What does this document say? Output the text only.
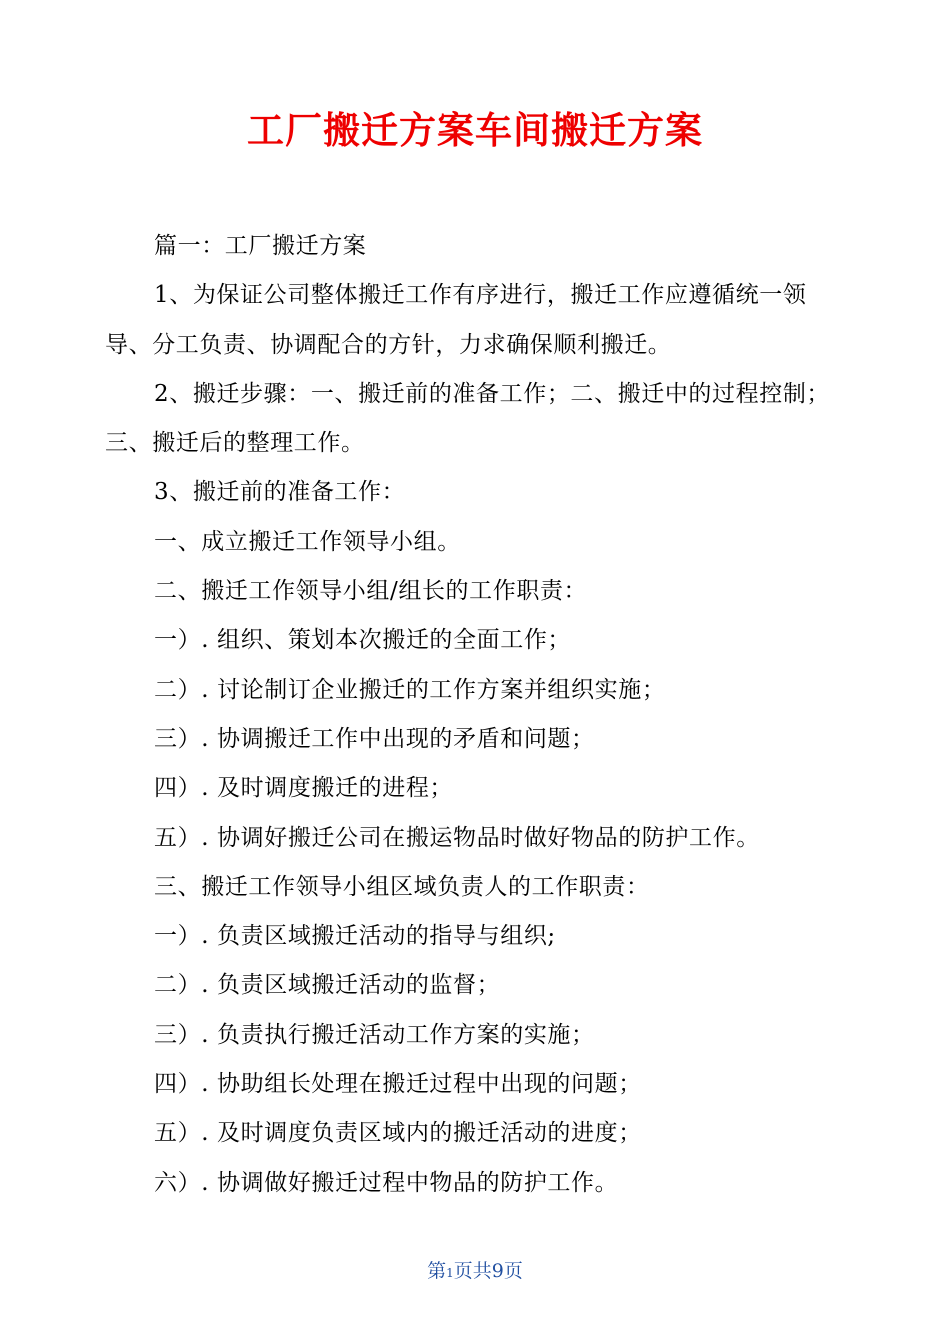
工厂搬迁方案车间搬迁方案

篇一：工厂搬迁方案

1、为保证公司整体搬迁工作有序进行，搬迁工作应遵循统一领导、分工负责、协调配合的方针，力求确保顺利搬迁。

2、搬迁步骤：一、搬迁前的准备工作；二、搬迁中的过程控制；三、搬迁后的整理工作。

3、搬迁前的准备工作：

一、成立搬迁工作领导小组。

二、搬迁工作领导小组/组长的工作职责：

一）. 组织、策划本次搬迁的全面工作；

二）. 讨论制订企业搬迁的工作方案并组织实施；

三）. 协调搬迁工作中出现的矛盾和问题；

四）. 及时调度搬迁的进程；

五）. 协调好搬迁公司在搬运物品时做好物品的防护工作。

三、搬迁工作领导小组区域负责人的工作职责：

一）. 负责区域搬迁活动的指导与组织;

二）. 负责区域搬迁活动的监督；

三）. 负责执行搬迁活动工作方案的实施；

四）. 协助组长处理在搬迁过程中出现的问题；

五）. 及时调度负责区域内的搬迁活动的进度；

六）. 协调做好搬迁过程中物品的防护工作。

第1页共9页
